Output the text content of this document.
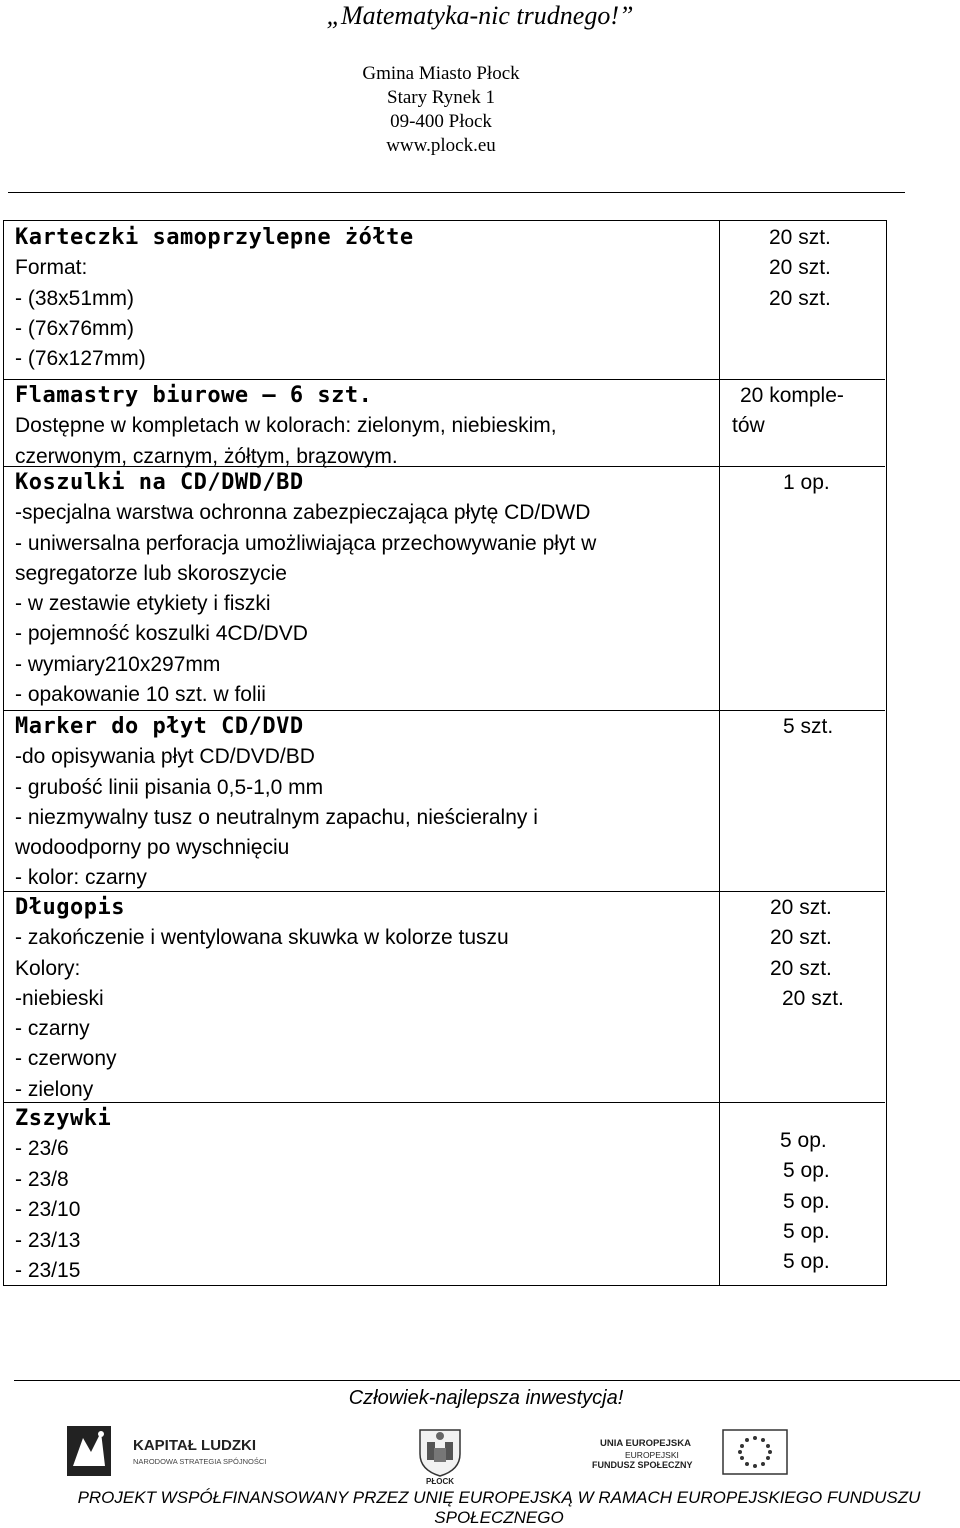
„Matematyka-nic trudnego!”
Gmina Miasto Płock
Stary Rynek 1
09-400 Płock
www.plock.eu
Karteczki samoprzylepne żółte
Format:
- (38x51mm)
- (76x76mm)
- (76x127mm)
20 szt.
20 szt.
20 szt.
Flamastry biurowe – 6 szt.
Dostępne w kompletach w kolorach: zielonym, niebieskim,
czerwonym, czarnym, żółtym, brązowym.
20 komple-
tów
Koszulki na CD/DWD/BD
-specjalna warstwa ochronna zabezpieczająca płytę CD/DWD
- uniwersalna perforacja umożliwiająca przechowywanie płyt w
segregatorze lub skoroszycie
- w zestawie etykiety i fiszki
- pojemność koszulki 4CD/DVD
- wymiary210x297mm
- opakowanie 10 szt. w folii
1 op.
Marker do płyt CD/DVD
-do opisywania płyt CD/DVD/BD
- grubość linii pisania 0,5-1,0 mm
- niezmywalny tusz o neutralnym zapachu, nieścieralny i
wodoodporny po wyschnięciu
- kolor: czarny
5 szt.
Długopis
- zakończenie i wentylowana skuwka w kolorze tuszu
Kolory:
-niebieski
- czarny
- czerwony
- zielony
20 szt.
20 szt.
20 szt.
20 szt.
Zszywki
- 23/6
- 23/8
- 23/10
- 23/13
- 23/15
5 op.
5 op.
5 op.
5 op.
5 op.
Człowiek-najlepsza inwestycja!
KAPITAŁ LUDZKI
NARODOWA STRATEGIA SPÓJNOŚCI
PŁOCK
UNIA EUROPEJSKA
EUROPEJSKI
FUNDUSZ SPOŁECZNY
PROJEKT WSPÓŁFINANSOWANY PRZEZ UNIĘ EUROPEJSKĄ W RAMACH EUROPEJSKIEGO FUNDUSZU
SPOŁECZNEGO
